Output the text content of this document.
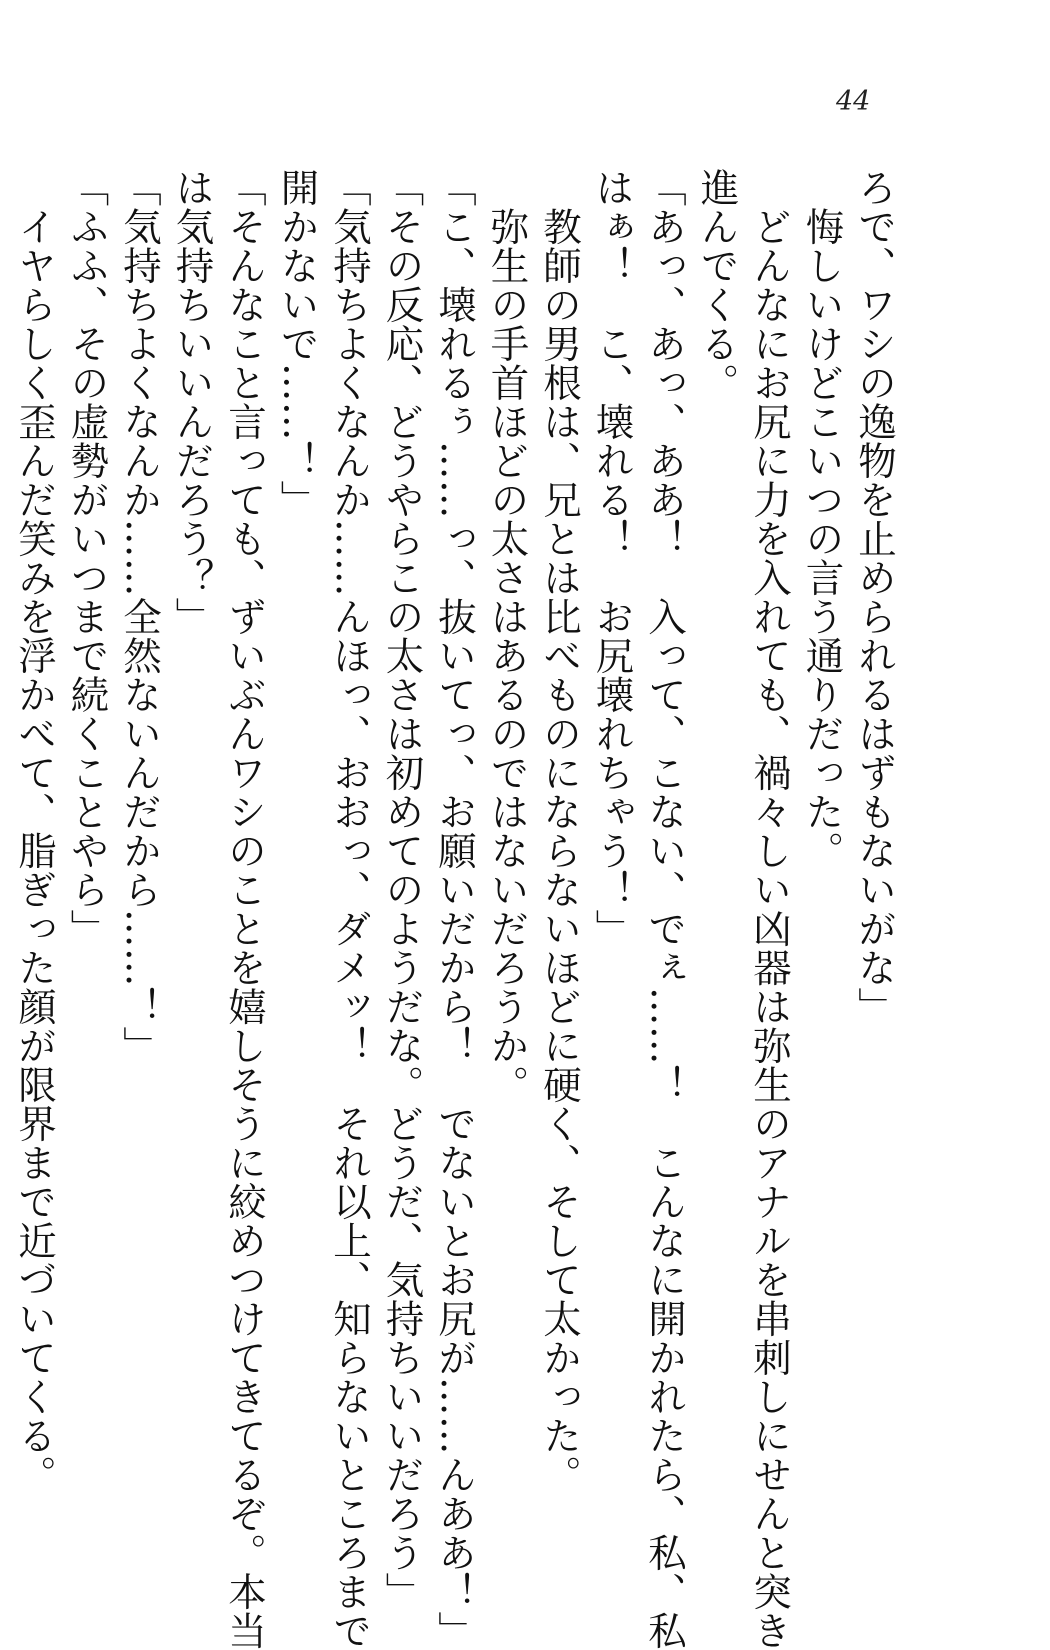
44
ろで、ワシの逸物を止められるはずもないがな」
　悔しいけどこいつの言う通りだった。
　どんなにお尻に力を入れても、禍々しい凶器は弥生のアナルを串刺しにせんと突き
進んでくる。
「あっ、あっ、ああ！　入って、こない、でぇ……！　こんなに開かれたら、私、私
はぁ！　こ、壊れる！　お尻壊れちゃう！」
　教師の男根は、兄とは比べものにならないほどに硬く、そして太かった。
　弥生の手首ほどの太さはあるのではないだろうか。
「こ、壊れるぅ……っ、抜いてっ、お願いだから！　でないとお尻が……んああ！」
「その反応、どうやらこの太さは初めてのようだな。どうだ、気持ちいいだろう」
「気持ちよくなんか……んほっ、おおっ、ダメッ！　それ以上、知らないところまで
開かないで……！」
「そんなこと言っても、ずいぶんワシのことを嬉しそうに絞めつけてきてるぞ。本当
は気持ちいいんだろう？」
「気持ちよくなんか……全然ないんだから……！」
「ふふ、その虚勢がいつまで続くことやら」
　イヤらしく歪んだ笑みを浮かべて、脂ぎった顔が限界まで近づいてくる。
